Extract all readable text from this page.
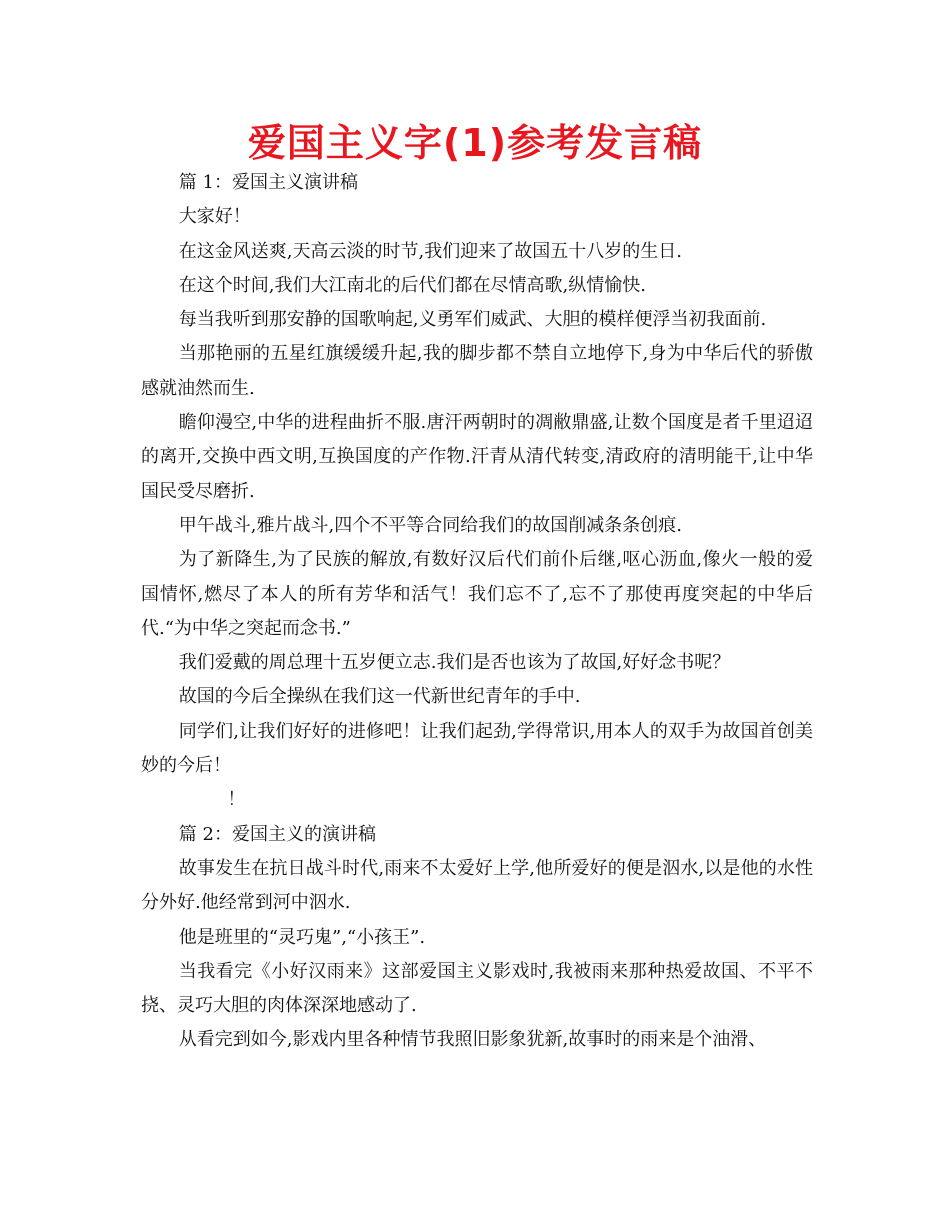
爱国主义字(1)参考发言稿

篇 1：爱国主义演讲稿

大家好！

在这金风送爽,天高云淡的时节,我们迎来了故国五十八岁的生日.

在这个时间,我们大江南北的后代们都在尽情高歌,纵情愉快.

每当我听到那安静的国歌响起,义勇军们威武、大胆的模样便浮当初我面前.

当那艳丽的五星红旗缓缓升起,我的脚步都不禁自立地停下,身为中华后代的骄傲感就油然而生.

瞻仰漫空,中华的进程曲折不服.唐汗两朝时的凋敝鼎盛,让数个国度是者千里迢迢的离开,交换中西文明,互换国度的产作物.汗青从清代转变,清政府的清明能干,让中华国民受尽磨折.

甲午战斗,雅片战斗,四个不平等合同给我们的故国削减条条创痕.

为了新降生,为了民族的解放,有数好汉后代们前仆后继,呕心沥血,像火一般的爱国情怀,燃尽了本人的所有芳华和活气！我们忘不了,忘不了那使再度突起的中华后代.“为中华之突起而念书.”

我们爱戴的周总理十五岁便立志.我们是否也该为了故国,好好念书呢？

故国的今后全操纵在我们这一代新世纪青年的手中.

同学们,让我们好好的进修吧！让我们起劲,学得常识,用本人的双手为故国首创美妙的今后！

！

篇 2：爱国主义的演讲稿

故事发生在抗日战斗时代,雨来不太爱好上学,他所爱好的便是泅水,以是他的水性分外好.他经常到河中泅水.

他是班里的“灵巧鬼”,“小孩王”.

当我看完《小好汉雨来》这部爱国主义影戏时,我被雨来那种热爱故国、不平不挠、灵巧大胆的肉体深深地感动了.

从看完到如今,影戏内里各种情节我照旧影象犹新,故事时的雨来是个油滑、
